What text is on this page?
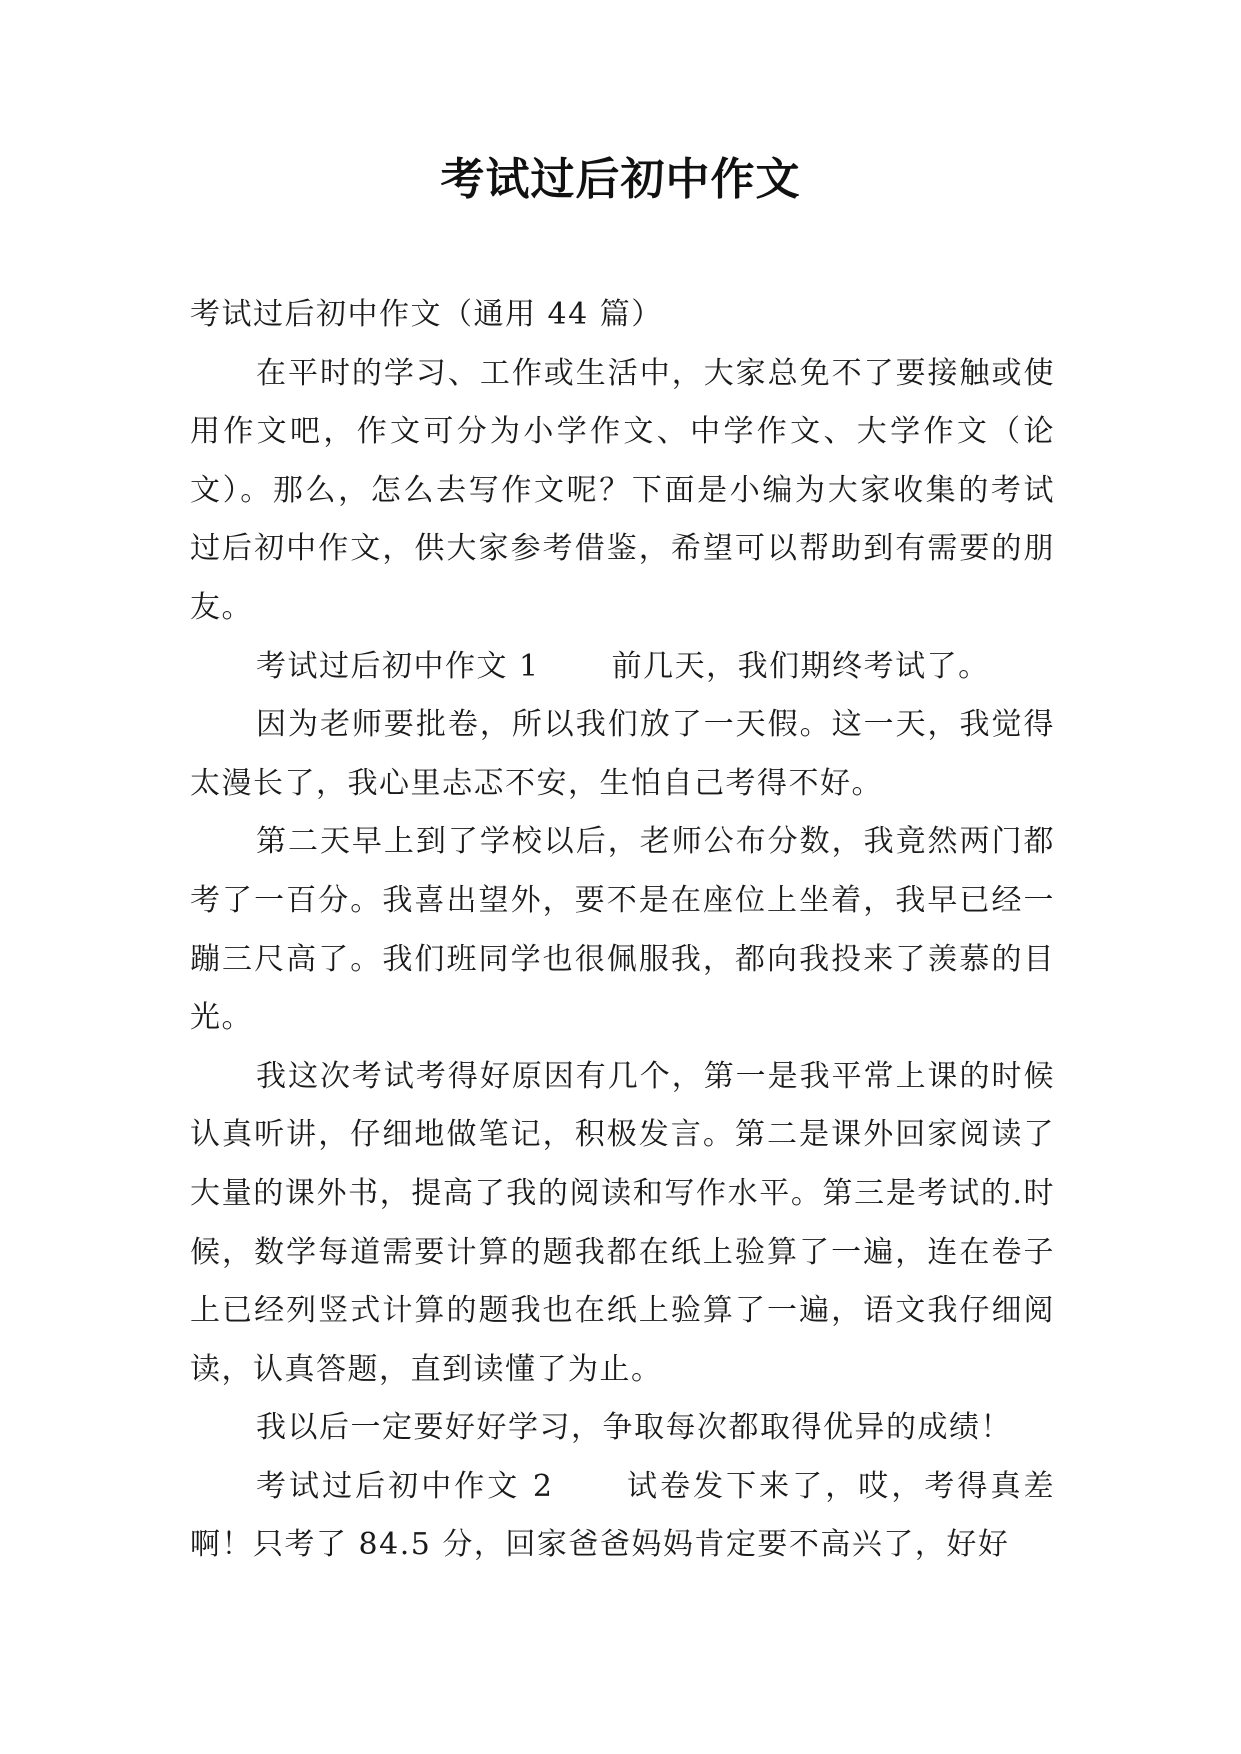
考试过后初中作文

考试过后初中作文（通用 44 篇）

在平时的学习、工作或生活中，大家总免不了要接触或使用作文吧，作文可分为小学作文、中学作文、大学作文（论文）。那么，怎么去写作文呢？下面是小编为大家收集的考试过后初中作文，供大家参考借鉴，希望可以帮助到有需要的朋友。

考试过后初中作文 1 前几天，我们期终考试了。

因为老师要批卷，所以我们放了一天假。这一天，我觉得太漫长了，我心里忐忑不安，生怕自己考得不好。

第二天早上到了学校以后，老师公布分数，我竟然两门都考了一百分。我喜出望外，要不是在座位上坐着，我早已经一蹦三尺高了。我们班同学也很佩服我，都向我投来了羡慕的目光。

我这次考试考得好原因有几个，第一是我平常上课的时候认真听讲，仔细地做笔记，积极发言。第二是课外回家阅读了大量的课外书，提高了我的阅读和写作水平。第三是考试的.时候，数学每道需要计算的题我都在纸上验算了一遍，连在卷子上已经列竖式计算的题我也在纸上验算了一遍，语文我仔细阅读，认真答题，直到读懂了为止。

我以后一定要好好学习，争取每次都取得优异的成绩！

考试过后初中作文 2 试卷发下来了，哎，考得真差啊！只考了 84.5 分，回家爸爸妈妈肯定要不高兴了，好好
